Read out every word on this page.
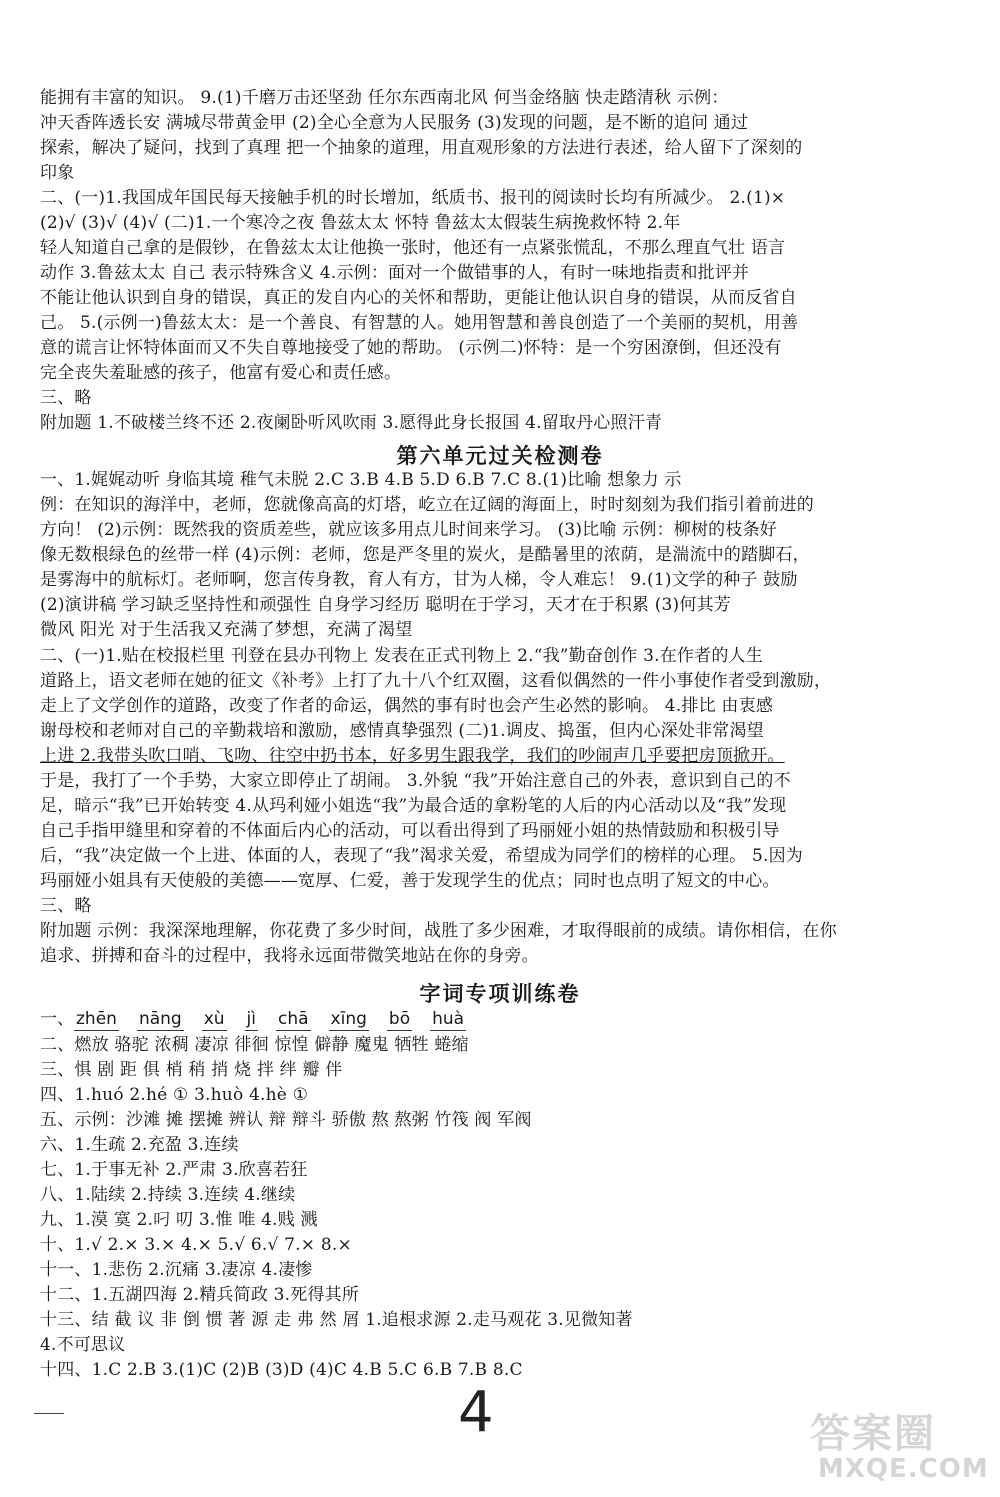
能拥有丰富的知识。 9.(1)千磨万击还坚劲 任尔东西南北风 何当金络脑 快走踏清秋 示例：
冲天香阵透长安 满城尽带黄金甲 (2)全心全意为人民服务 (3)发现的问题，是不断的追问 通过
探索，解决了疑问，找到了真理 把一个抽象的道理，用直观形象的方法进行表述，给人留下了深刻的
印象
二、(一)1.我国成年国民每天接触手机的时长增加，纸质书、报刊的阅读时长均有所减少。 2.(1)×
(2)√ (3)√ (4)√ (二)1.一个寒冷之夜 鲁兹太太 怀特 鲁兹太太假装生病挽救怀特 2.年
轻人知道自己拿的是假钞，在鲁兹太太让他换一张时，他还有一点紧张慌乱，不那么理直气壮 语言
动作 3.鲁兹太太 自己 表示特殊含义 4.示例：面对一个做错事的人，有时一味地指责和批评并
不能让他认识到自身的错误，真正的发自内心的关怀和帮助，更能让他认识自身的错误，从而反省自
己。 5.(示例一)鲁兹太太：是一个善良、有智慧的人。她用智慧和善良创造了一个美丽的契机，用善
意的谎言让怀特体面而又不失自尊地接受了她的帮助。 (示例二)怀特：是一个穷困潦倒，但还没有
完全丧失羞耻感的孩子，他富有爱心和责任感。
三、略
附加题 1.不破楼兰终不还 2.夜阑卧听风吹雨 3.愿得此身长报国 4.留取丹心照汗青
第六单元过关检测卷
一、1.娓娓动听 身临其境 稚气未脱 2.C 3.B 4.B 5.D 6.B 7.C 8.(1)比喻 想象力 示
例：在知识的海洋中，老师，您就像高高的灯塔，屹立在辽阔的海面上，时时刻刻为我们指引着前进的
方向！ (2)示例：既然我的资质差些，就应该多用点儿时间来学习。 (3)比喻 示例：柳树的枝条好
像无数根绿色的丝带一样 (4)示例：老师，您是严冬里的炭火，是酷暑里的浓荫，是湍流中的踏脚石，
是雾海中的航标灯。老师啊，您言传身教，育人有方，甘为人梯，令人难忘！ 9.(1)文学的种子 鼓励
(2)演讲稿 学习缺乏坚持性和顽强性 自身学习经历 聪明在于学习，天才在于积累 (3)何其芳
微风 阳光 对于生活我又充满了梦想，充满了渴望
二、(一)1.贴在校报栏里 刊登在县办刊物上 发表在正式刊物上 2.“我”勤奋创作 3.在作者的人生
道路上，语文老师在她的征文《补考》上打了九十八个红双圈，这看似偶然的一件小事使作者受到激励，
走上了文学创作的道路，改变了作者的命运，偶然的事有时也会产生必然的影响。 4.排比 由衷感
谢母校和老师对自己的辛勤栽培和激励，感情真挚强烈 (二)1.调皮、捣蛋，但内心深处非常渴望
上进 2.我带头吹口哨、飞吻、往空中扔书本，好多男生跟我学，我们的吵闹声几乎要把房顶掀开。
于是，我打了一个手势，大家立即停止了胡闹。 3.外貌 “我”开始注意自己的外表，意识到自己的不
足，暗示“我”已开始转变 4.从玛利娅小姐选“我”为最合适的拿粉笔的人后的内心活动以及“我”发现
自己手指甲缝里和穿着的不体面后内心的活动，可以看出得到了玛丽娅小姐的热情鼓励和积极引导
后，“我”决定做一个上进、体面的人，表现了“我”渴求关爱，希望成为同学们的榜样的心理。 5.因为
玛丽娅小姐具有天使般的美德——宽厚、仁爱，善于发现学生的优点；同时也点明了短文的中心。
三、略
附加题 示例：我深深地理解，你花费了多少时间，战胜了多少困难，才取得眼前的成绩。请你相信，在你
追求、拼搏和奋斗的过程中，我将永远面带微笑地站在你的身旁。
字词专项训练卷
一、 zhēn nāng xù jì chā xīng bō huà
二、燃放 骆驼 浓稠 凄凉 徘徊 惊惶 僻静 魔鬼 牺牲 蜷缩
三、惧 剧 距 俱 梢 稍 捎 烧 拌 绊 瓣 伴
四、1.huó 2.hé ① 3.huò 4.hè ①
五、示例：沙滩 摊 摆摊 辨认 辩 辩斗 骄傲 熬 熬粥 竹筏 阀 军阀
六、1.生疏 2.充盈 3.连续
七、1.于事无补 2.严肃 3.欣喜若狂
八、1.陆续 2.持续 3.连续 4.继续
九、1.漠 寞 2.叼 叨 3.惟 唯 4.贱 溅
十、1.√ 2.× 3.× 4.× 5.√ 6.√ 7.× 8.×
十一、1.悲伤 2.沉痛 3.凄凉 4.凄惨
十二、1.五湖四海 2.精兵简政 3.死得其所
十三、结 截 议 非 倒 惯 著 源 走 弗 然 屑 1.追根求源 2.走马观花 3.见微知著
4.不可思议
十四、1.C 2.B 3.(1)C (2)B (3)D (4)C 4.B 5.C 6.B 7.B 8.C
4	答案圈
MXQE.COM
